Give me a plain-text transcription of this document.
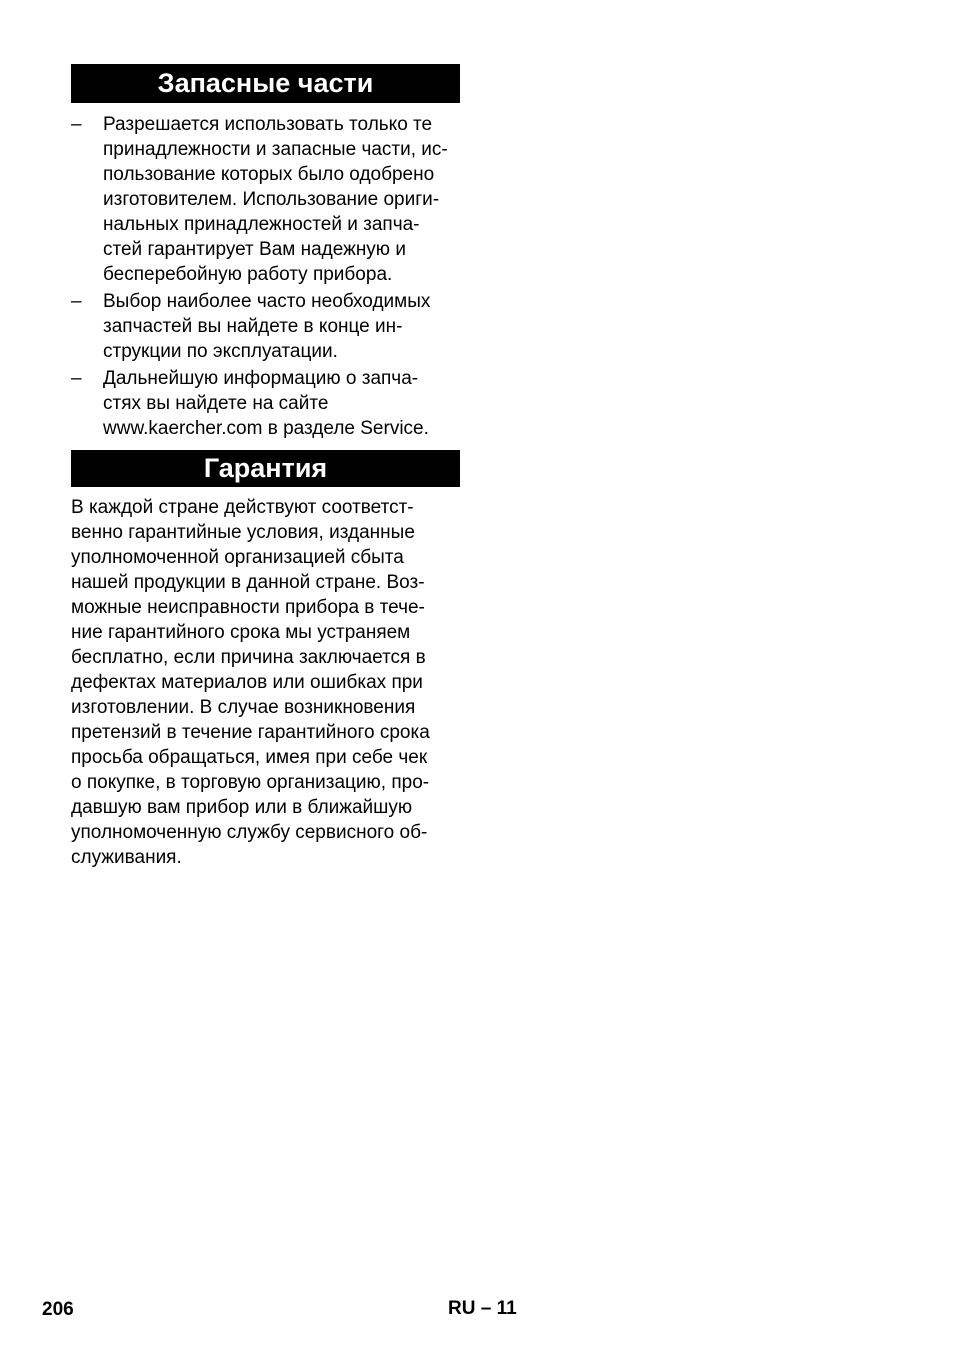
Запасные части
–	Разрешается использовать только те
принадлежности и запасные части, ис-
пользование которых было одобрено
изготовителем. Использование ориги-
нальных принадлежностей и запча-
стей гарантирует Вам надежную и
бесперебойную работу прибора.
–	Выбор наиболее часто необходимых
запчастей вы найдете в конце ин-
струкции по эксплуатации.
–	Дальнейшую информацию о запча-
стях вы найдете на сайте
www.kaercher.com в разделе Service.
Гарантия
В каждой стране действуют соответст-
венно гарантийные условия, изданные
уполномоченной организацией сбыта
нашей продукции в данной стране. Воз-
можные неисправности прибора в тече-
ние гарантийного срока мы устраняем
бесплатно, если причина заключается в
дефектах материалов или ошибках при
изготовлении. В случае возникновения
претензий в течение гарантийного срока
просьба обращаться, имея при себе чек
о покупке, в торговую организацию, про-
давшую вам прибор или в ближайшую
уполномоченную службу сервисного об-
служивания.
206	RU – 11
